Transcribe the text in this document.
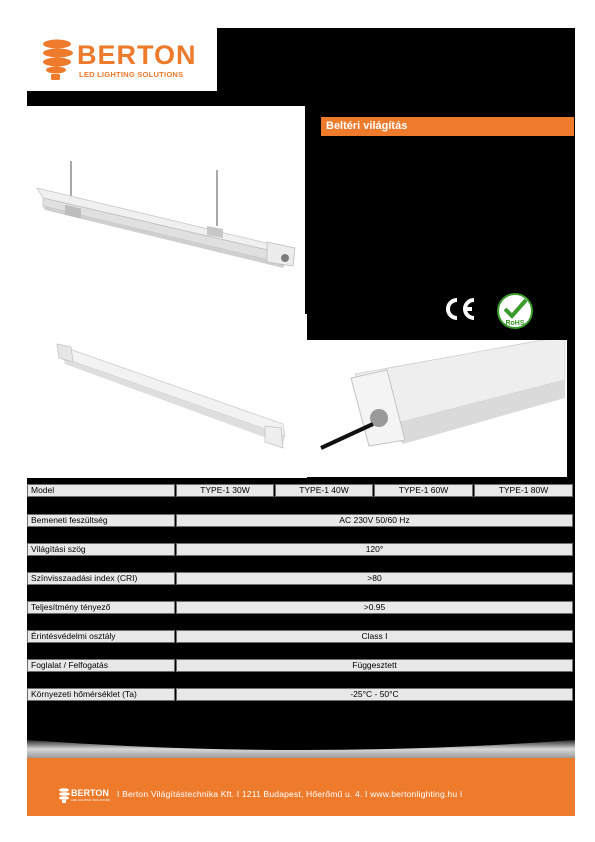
BERTON
LED LIGHTING SOLUTIONS
Beltéri világítás
RoHS
Model	TYPE-1 30W	TYPE-1 40W	TYPE-1 60W	TYPE-1 80W
Bemeneti feszültség	AC 230V 50/60 Hz
Világítási szög	120°
Színvisszaadási index (CRI)	>80
Teljesítmény tényező	>0.95
Érintésvédelmi osztály	Class I
Foglalat / Felfogatás	Függesztett
Környezeti hőmérséklet (Ta)	-25°C - 50°C
BERTON
LED LIGHTING SOLUTIONS
I Berton Világítástechnika Kft. I 1211 Budapest, Hőerőmű u. 4. I www.bertonlighting.hu I
